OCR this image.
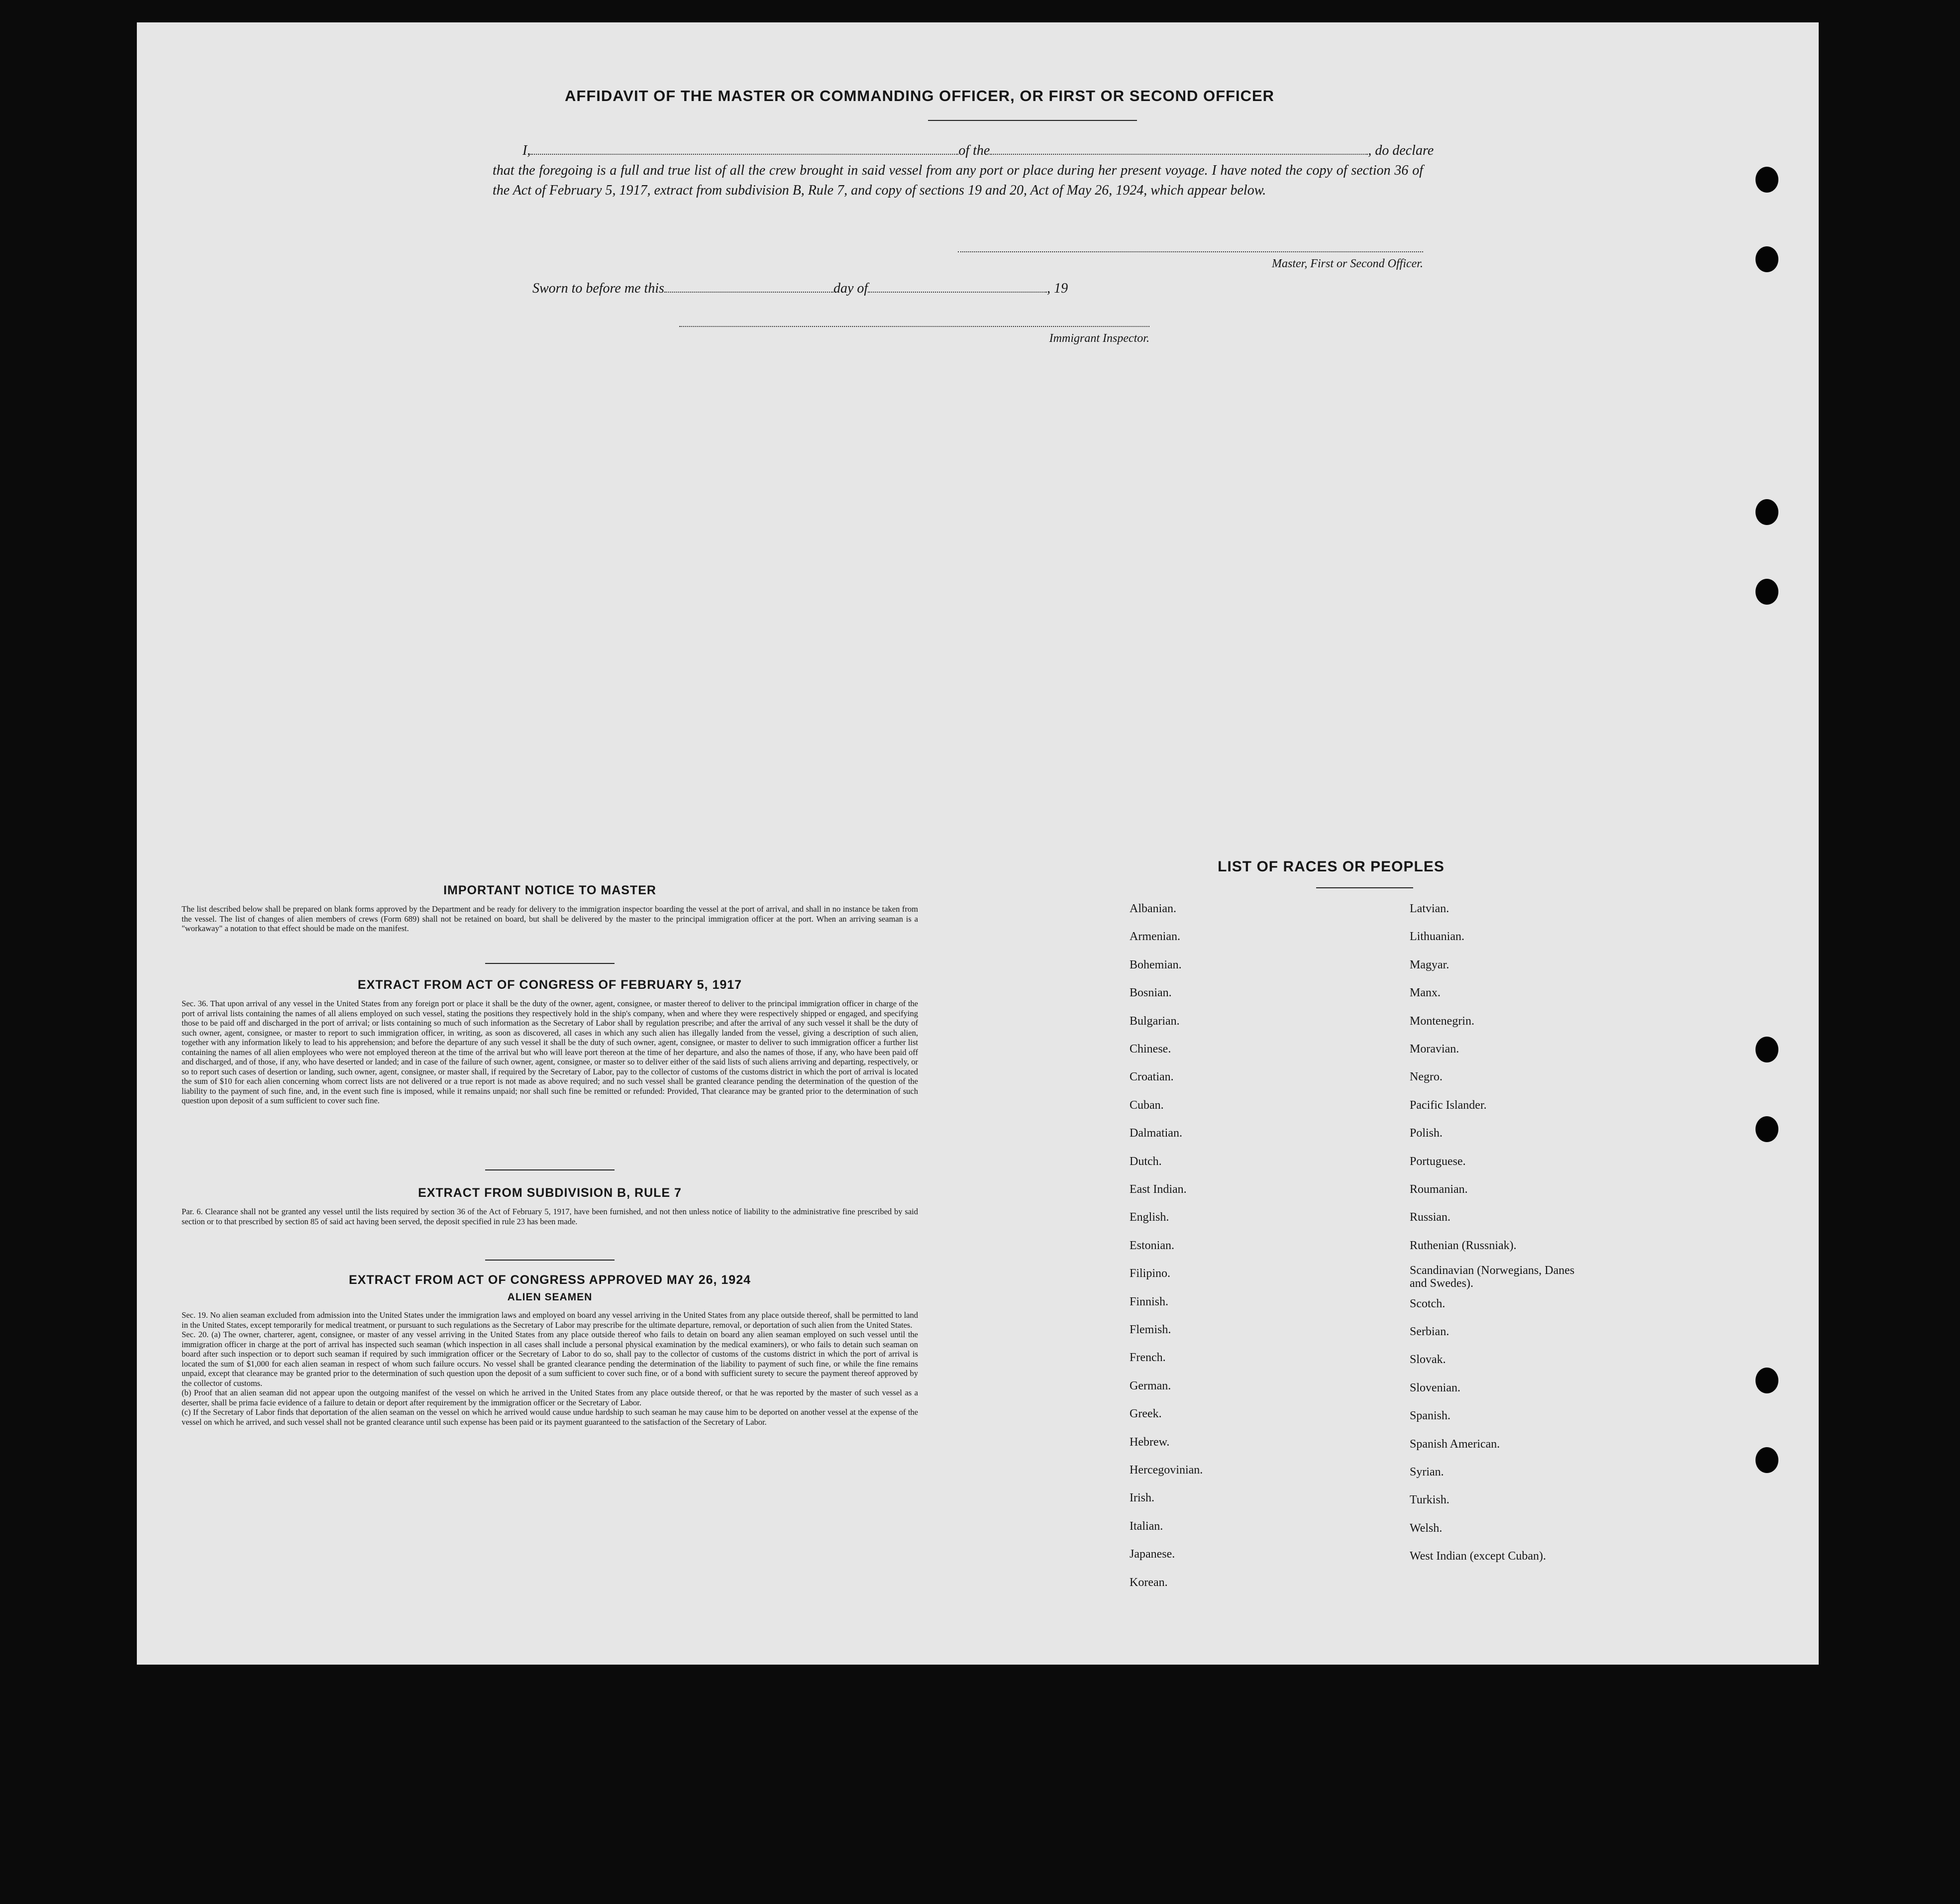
AFFIDAVIT OF THE MASTER OR COMMANDING OFFICER, OR FIRST OR SECOND OFFICER
I,	of the	, do declare
that the foregoing is a full and true list of all the crew brought in said vessel from any port or place during her present voyage. I have noted the copy of section 36 of the Act of February 5, 1917, extract from subdivision B, Rule 7, and copy of sections 19 and 20, Act of May 26, 1924, which appear below.
Master, First or Second Officer.
Sworn to before me this	day of	, 19
Immigrant Inspector.
IMPORTANT NOTICE TO MASTER

The list described below shall be prepared on blank forms approved by the Department and be ready for delivery to the immigration inspector boarding the vessel at the port of arrival, and shall in no instance be taken from the vessel. The list of changes of alien members of crews (Form 689) shall not be retained on board, but shall be delivered by the master to the principal immigration officer at the port. When an arriving seaman is a "workaway" a notation to that effect should be made on the manifest.

EXTRACT FROM ACT OF CONGRESS OF FEBRUARY 5, 1917

Sec. 36. That upon arrival of any vessel in the United States from any foreign port or place it shall be the duty of the owner, agent, consignee, or master thereof to deliver to the principal immigration officer in charge of the port of arrival lists containing the names of all aliens employed on such vessel, stating the positions they respectively hold in the ship's company, when and where they were respectively shipped or engaged, and specifying those to be paid off and discharged in the port of arrival; or lists containing so much of such information as the Secretary of Labor shall by regulation prescribe; and after the arrival of any such vessel it shall be the duty of such owner, agent, consignee, or master to report to such immigration officer, in writing, as soon as discovered, all cases in which any such alien has illegally landed from the vessel, giving a description of such alien, together with any information likely to lead to his apprehension; and before the departure of any such vessel it shall be the duty of such owner, agent, consignee, or master to deliver to such immigration officer a further list containing the names of all alien employees who were not employed thereon at the time of the arrival but who will leave port thereon at the time of her departure, and also the names of those, if any, who have been paid off and discharged, and of those, if any, who have deserted or landed; and in case of the failure of such owner, agent, consignee, or master so to deliver either of the said lists of such aliens arriving and departing, respectively, or so to report such cases of desertion or landing, such owner, agent, consignee, or master shall, if required by the Secretary of Labor, pay to the collector of customs of the customs district in which the port of arrival is located the sum of $10 for each alien concerning whom correct lists are not delivered or a true report is not made as above required; and no such vessel shall be granted clearance pending the determination of the question of the liability to the payment of such fine, and, in the event such fine is imposed, while it remains unpaid; nor shall such fine be remitted or refunded: Provided, That clearance may be granted prior to the determination of such question upon deposit of a sum sufficient to cover such fine.

EXTRACT FROM SUBDIVISION B, RULE 7

Par. 6. Clearance shall not be granted any vessel until the lists required by section 36 of the Act of February 5, 1917, have been furnished, and not then unless notice of liability to the administrative fine prescribed by said section or to that prescribed by section 85 of said act having been served, the deposit specified in rule 23 has been made.

EXTRACT FROM ACT OF CONGRESS APPROVED MAY 26, 1924
ALIEN SEAMEN

Sec. 19. No alien seaman excluded from admission into the United States under the immigration laws and employed on board any vessel arriving in the United States from any place outside thereof, shall be permitted to land in the United States, except temporarily for medical treatment, or pursuant to such regulations as the Secretary of Labor may prescribe for the ultimate departure, removal, or deportation of such alien from the United States.

Sec. 20. (a) The owner, charterer, agent, consignee, or master of any vessel arriving in the United States from any place outside thereof who fails to detain on board any alien seaman employed on such vessel until the immigration officer in charge at the port of arrival has inspected such seaman (which inspection in all cases shall include a personal physical examination by the medical examiners), or who fails to detain such seaman on board after such inspection or to deport such seaman if required by such immigration officer or the Secretary of Labor to do so, shall pay to the collector of customs of the customs district in which the port of arrival is located the sum of $1,000 for each alien seaman in respect of whom such failure occurs. No vessel shall be granted clearance pending the determination of the liability to payment of such fine, or while the fine remains unpaid, except that clearance may be granted prior to the determination of such question upon the deposit of a sum sufficient to cover such fine, or of a bond with sufficient surety to secure the payment thereof approved by the collector of customs.

(b) Proof that an alien seaman did not appear upon the outgoing manifest of the vessel on which he arrived in the United States from any place outside thereof, or that he was reported by the master of such vessel as a deserter, shall be prima facie evidence of a failure to detain or deport after requirement by the immigration officer or the Secretary of Labor.

(c) If the Secretary of Labor finds that deportation of the alien seaman on the vessel on which he arrived would cause undue hardship to such seaman he may cause him to be deported on another vessel at the expense of the vessel on which he arrived, and such vessel shall not be granted clearance until such expense has been paid or its payment guaranteed to the satisfaction of the Secretary of Labor.

LIST OF RACES OR PEOPLES
Albanian.
Armenian.
Bohemian.
Bosnian.
Bulgarian.
Chinese.
Croatian.
Cuban.
Dalmatian.
Dutch.
East Indian.
English.
Estonian.
Filipino.
Finnish.
Flemish.
French.
German.
Greek.
Hebrew.
Hercegovinian.
Irish.
Italian.
Japanese.
Korean.
Latvian.
Lithuanian.
Magyar.
Manx.
Montenegrin.
Moravian.
Negro.
Pacific Islander.
Polish.
Portuguese.
Roumanian.
Russian.
Ruthenian (Russniak).
Scandinavian (Norwegians, Danes and Swedes).
Scotch.
Serbian.
Slovak.
Slovenian.
Spanish.
Spanish American.
Syrian.
Turkish.
Welsh.
West Indian (except Cuban).
